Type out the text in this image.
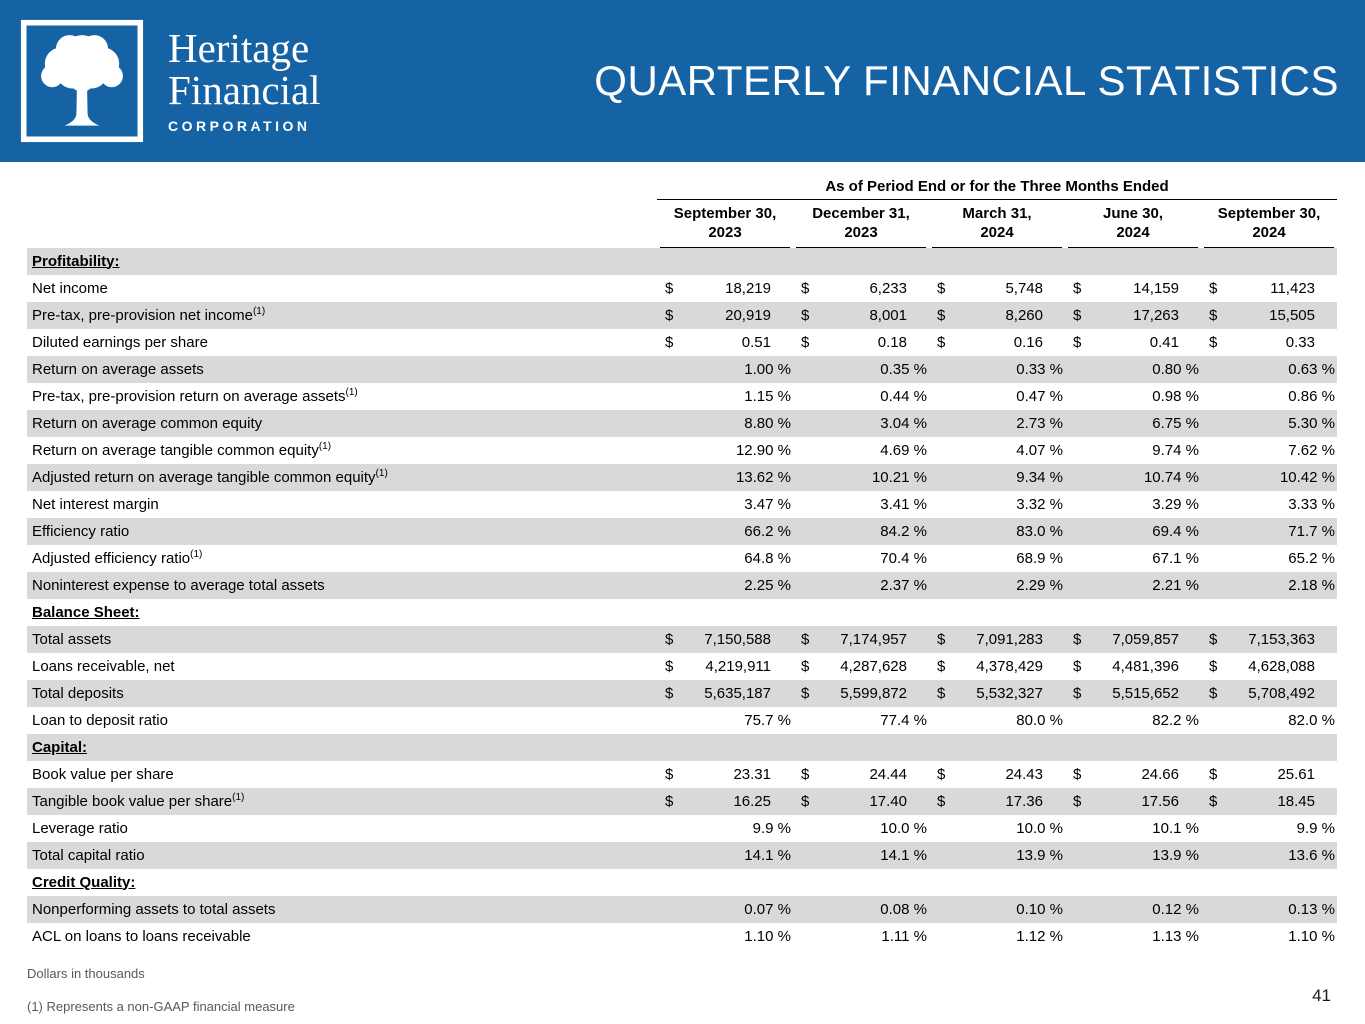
Heritage
Financial
CORPORATION
QUARTERLY FINANCIAL STATISTICS
As of Period End or for the Three Months Ended
September 30,
2023
December 31,
2023
March 31,
2024
June 30,
2024
September 30,
2024
Profitability:
Net income	$	18,219 $	6,233 $	5,748 $	14,159 $	11,423
Pre-tax, pre-provision net income$^{(1)}$	$	20,919 $	8,001 $	8,260 $	17,263 $	15,505
Diluted earnings per share	$	0.51 $	0.18 $	0.16 $	0.41 $	0.33
Return on average assets	1.00 %	0.35 %	0.33 %	0.80 %	0.63 %
Pre-tax, pre-provision return on average assets$^{(1)}$	1.15 %	0.44 %	0.47 %	0.98 %	0.86 %
Return on average common equity	8.80 %	3.04 %	2.73 %	6.75 %	5.30 %
Return on average tangible common equity$^{(1)}$	12.90 %	4.69 %	4.07 %	9.74 %	7.62 %
Adjusted return on average tangible common equity$^{(1)}$	13.62 %	10.21 %	9.34 %	10.74 %	10.42 %
Net interest margin	3.47 %	3.41 %	3.32 %	3.29 %	3.33 %
Efficiency ratio	66.2 %	84.2 %	83.0 %	69.4 %	71.7 %
Adjusted efficiency ratio$^{(1)}$	64.8 %	70.4 %	68.9 %	67.1 %	65.2 %
Noninterest expense to average total assets	2.25 %	2.37 %	2.29 %	2.21 %	2.18 %
Balance Sheet:
Total assets	$ 7,150,588 $ 7,174,957 $ 7,091,283 $ 7,059,857 $ 7,153,363
Loans receivable, net	$ 4,219,911 $ 4,287,628 $ 4,378,429 $ 4,481,396 $ 4,628,088
Total deposits	$ 5,635,187 $ 5,599,872 $ 5,532,327 $ 5,515,652 $ 5,708,492
Loan to deposit ratio	75.7 %	77.4 %	80.0 %	82.2 %	82.0 %
Capital:
Book value per share	$	23.31 $	24.44 $	24.43 $	24.66 $	25.61
Tangible book value per share$^{(1)}$	$	16.25 $	17.40 $	17.36 $	17.56 $	18.45
Leverage ratio	9.9 %	10.0 %	10.0 %	10.1 %	9.9 %
Total capital ratio	14.1 %	14.1 %	13.9 %	13.9 %	13.6 %
Credit Quality:
Nonperforming assets to total assets	0.07 %	0.08 %	0.10 %	0.12 %	0.13 %
ACL on loans to loans receivable	1.10 %	1.11 %	1.12 %	1.13 %	1.10 %
Dollars in thousands
(1) Represents a non-GAAP financial measure
41
